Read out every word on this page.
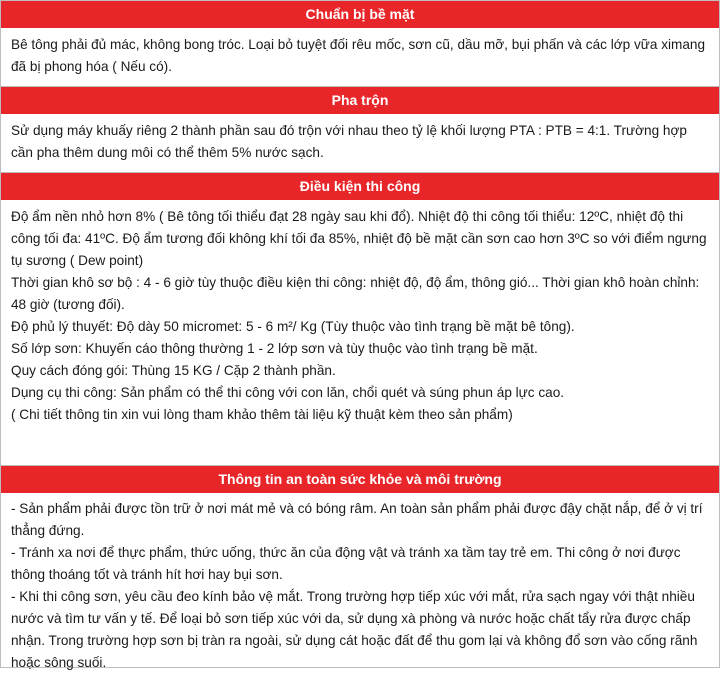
Chuẩn bị bề mặt

Bê tông phải đủ mác, không bong tróc. Loại bỏ tuyệt đối rêu mốc, sơn cũ, dầu mỡ, bụi phấn và các lớp vữa ximang đã bị phong hóa ( Nếu có).

Pha trộn

Sử dụng máy khuấy riêng 2 thành phần sau đó trộn với nhau theo tỷ lệ khối lượng PTA : PTB = 4:1. Trường hợp cần pha thêm dung môi có thể thêm 5% nước sạch.

Điều kiện thi công

Độ ẩm nền nhỏ hơn 8% ( Bê tông tối thiểu đạt 28 ngày sau khi đổ). Nhiệt độ thi công tối thiểu: 12ºC, nhiệt độ thi công tối đa: 41ºC. Độ ẩm tương đối không khí tối đa 85%, nhiệt độ bề mặt cần sơn cao hơn 3ºC so với điểm ngưng tụ sương ( Dew point)

Thời gian khô sơ bộ : 4 - 6 giờ tùy thuộc điều kiện thi công: nhiệt độ, độ ẩm, thông gió... Thời gian khô hoàn chỉnh: 48 giờ (tương đối).

Độ phủ lý thuyết: Độ dày 50 micromet: 5 - 6 m²/ Kg (Tùy thuộc vào tình trạng bề mặt bê tông).

Số lớp sơn: Khuyến cáo thông thường 1 - 2 lớp sơn và tùy thuộc vào tình trạng bề mặt.

Quy cách đóng gói: Thùng 15 KG / Cặp 2 thành phần.

Dụng cụ thi công: Sản phẩm có thể thi công với con lăn, chổi quét và súng phun áp lực cao.

( Chi tiết thông tin xin vui lòng tham khảo thêm tài liệu kỹ thuật kèm theo sản phẩm)

Thông tin an toàn sức khỏe và môi trường

- Sản phẩm phải được tồn trữ ở nơi mát mẻ và có bóng râm. An toàn sản phẩm phải được đậy chặt nắp, để ở vị trí thẳng đứng.

- Tránh xa nơi để thực phẩm, thức uống, thức ăn của động vật và tránh xa tầm tay trẻ em. Thi công ở nơi được thông thoáng tốt và tránh hít hơi hay bụi sơn.

- Khi thi công sơn, yêu cầu đeo kính bảo vệ mắt. Trong trường hợp tiếp xúc với mắt, rửa sạch ngay với thật nhiều nước và tìm tư vấn y tế. Để loại bỏ sơn tiếp xúc với da, sử dụng xà phòng và nước hoặc chất tẩy rửa được chấp nhận. Trong trường hợp sơn bị tràn ra ngoài, sử dụng cát hoặc đất để thu gom lại và không đổ sơn vào cống rãnh hoặc sông suối.
